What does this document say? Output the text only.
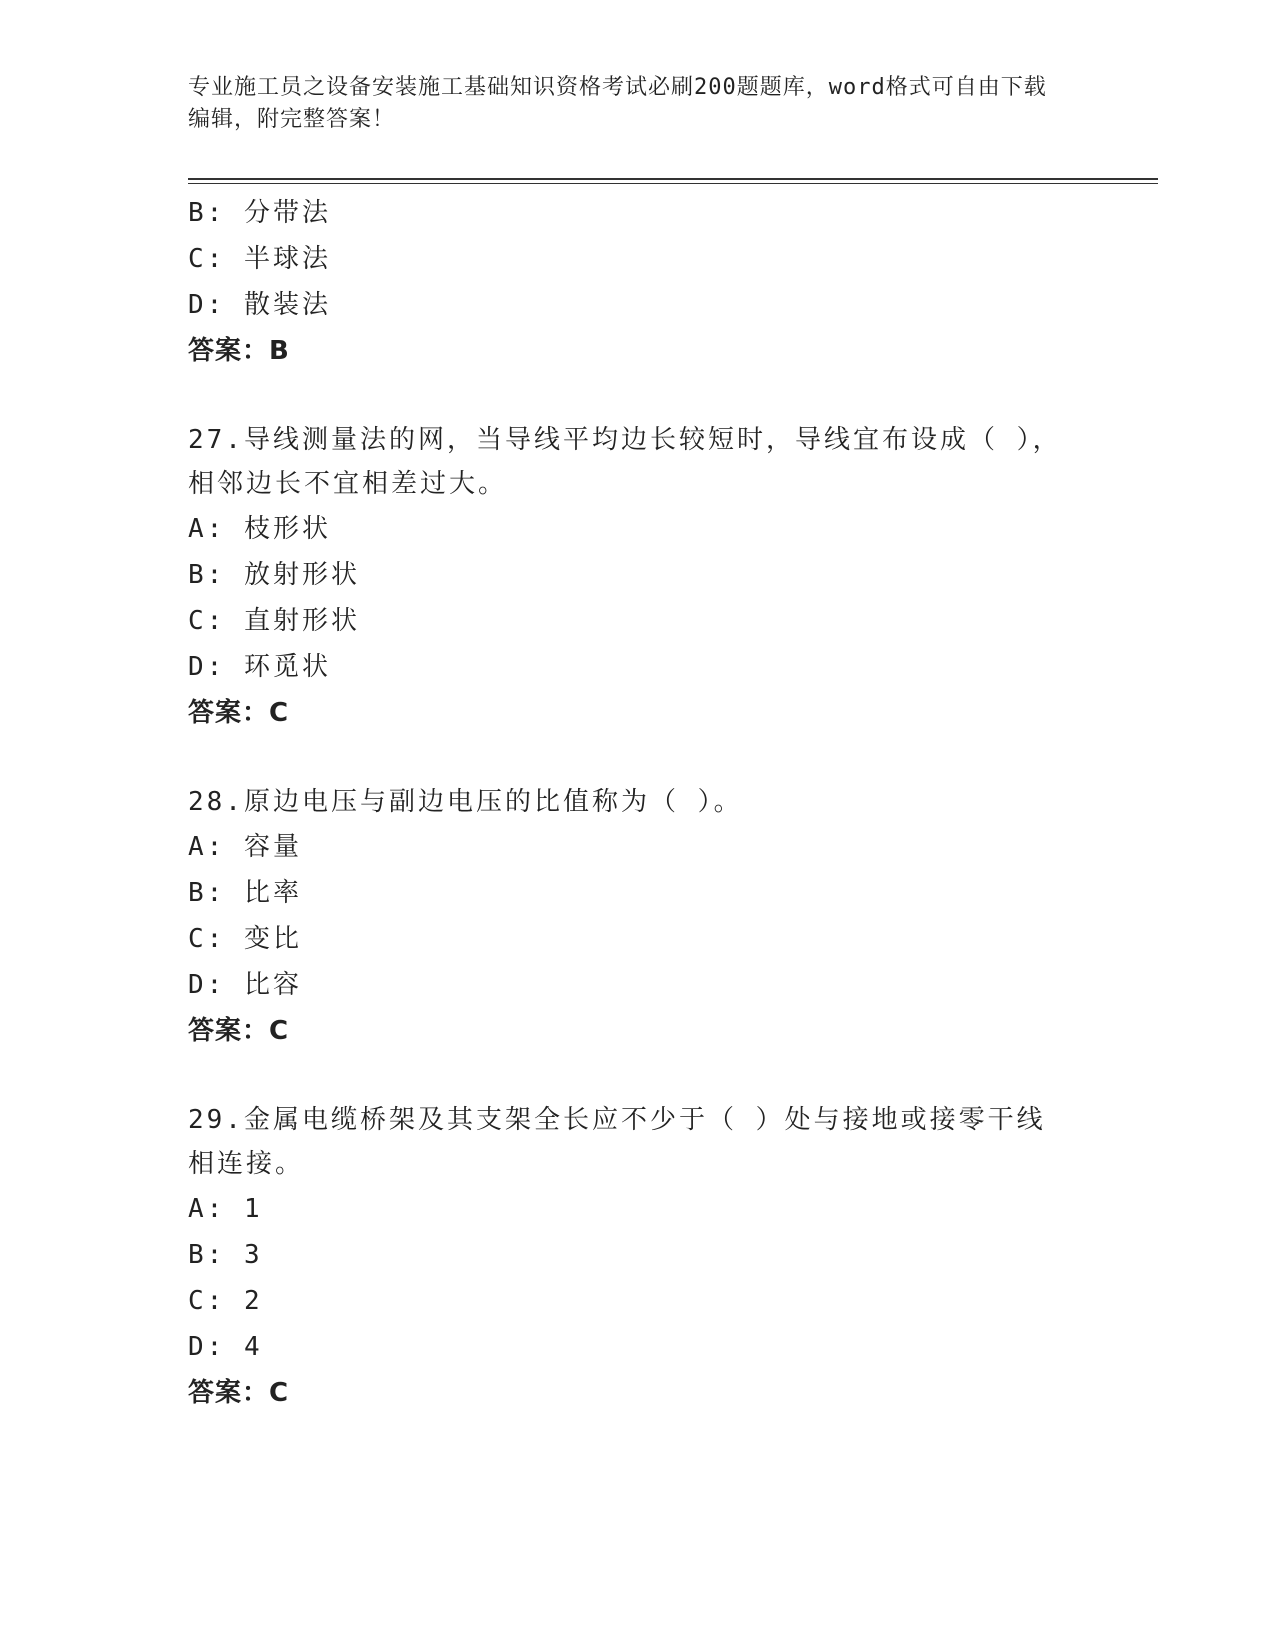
专业施工员之设备安装施工基础知识资格考试必刷200题题库，word格式可自由下载编辑，附完整答案！
B: 分带法
C: 半球法
D: 散装法
答案：B
27.导线测量法的网，当导线平均边长较短时，导线宜布设成（ ），相邻边长不宜相差过大。
A: 枝形状
B: 放射形状
C: 直射形状
D: 环觅状
答案：C
28.原边电压与副边电压的比值称为（ ）。
A: 容量
B: 比率
C: 变比
D: 比容
答案：C
29.金属电缆桥架及其支架全长应不少于（ ）处与接地或接零干线相连接。
A: 1
B: 3
C: 2
D: 4
答案：C
